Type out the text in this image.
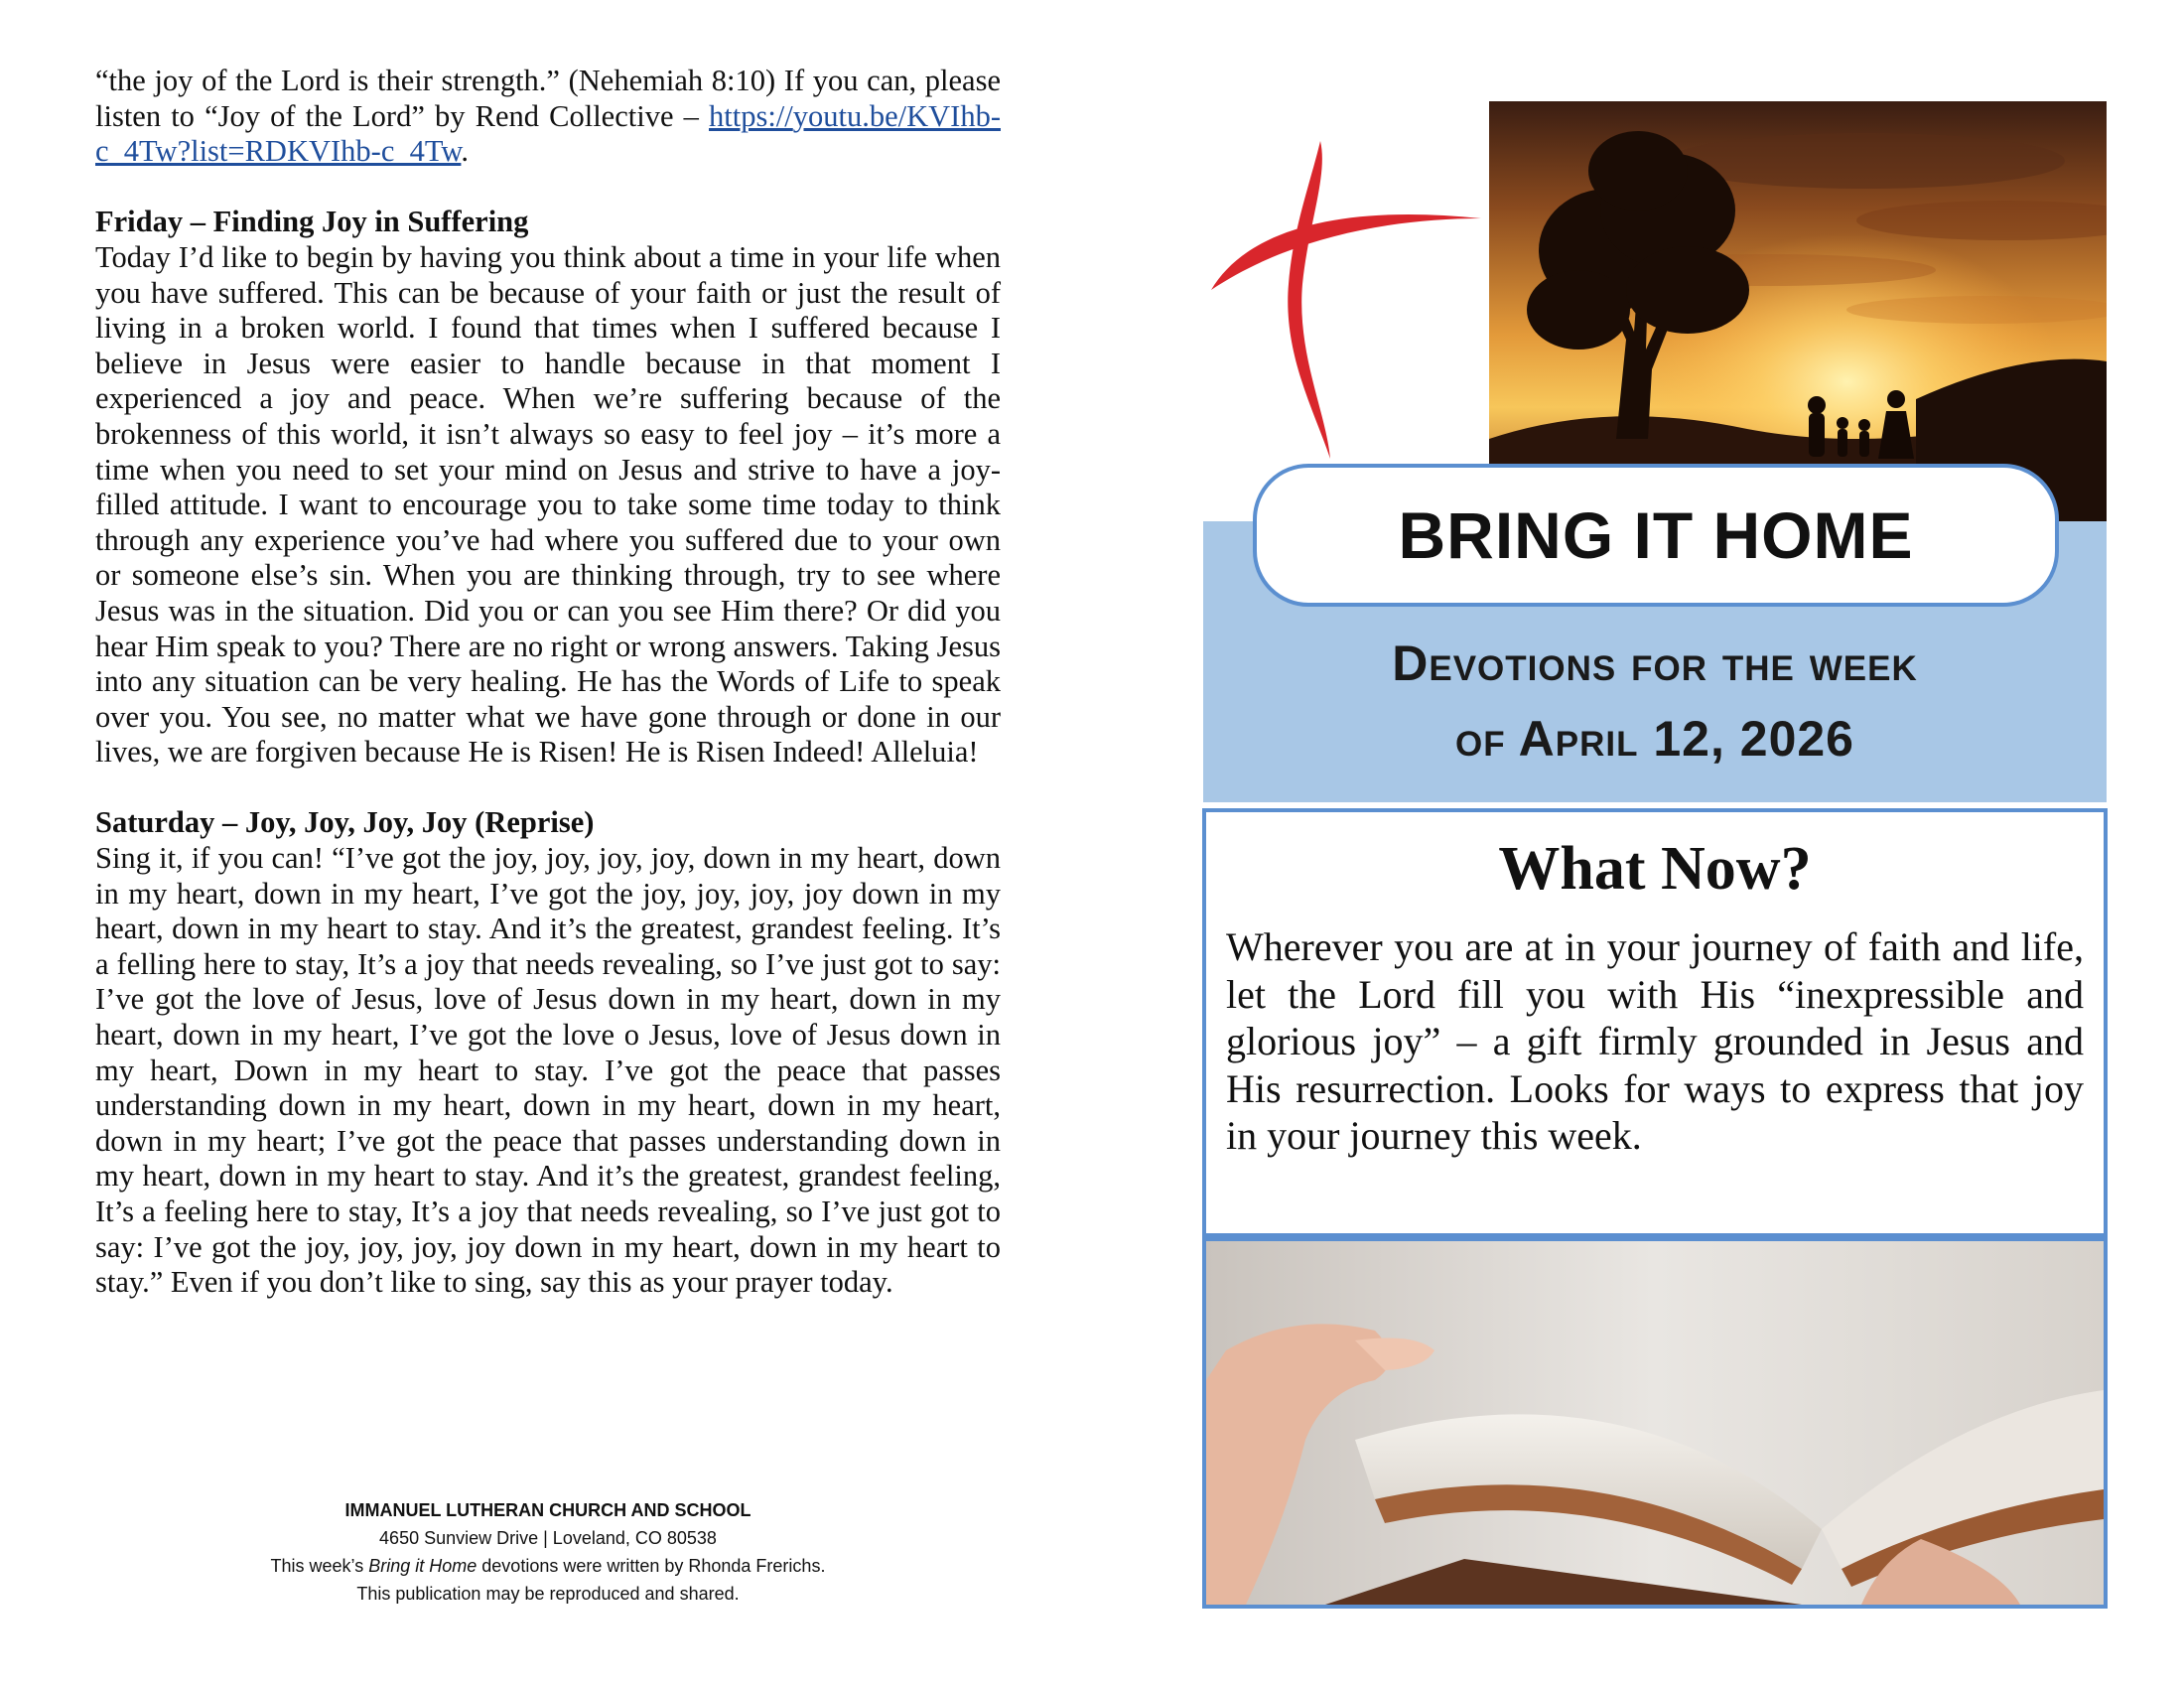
“the joy of the Lord is their strength.” (Nehemiah 8:10) If you can, please listen to “Joy of the Lord” by Rend Collective – https://youtu.be/KVIhb-c_4Tw?list=RDKVIhb-c_4Tw.

Friday – Finding Joy in Suffering

Today I’d like to begin by having you think about a time in your life when you have suffered. This can be because of your faith or just the result of living in a broken world. I found that times when I suffered because I believe in Jesus were easier to handle because in that moment I experienced a joy and peace. When we’re suffering because of the brokenness of this world, it isn’t always so easy to feel joy – it’s more a time when you need to set your mind on Jesus and strive to have a joy-filled attitude. I want to encourage you to take some time today to think through any experience you’ve had where you suffered due to your own or someone else’s sin. When you are thinking through, try to see where Jesus was in the situation. Did you or can you see Him there? Or did you hear Him speak to you? There are no right or wrong answers. Taking Jesus into any situation can be very healing. He has the Words of Life to speak over you. You see, no matter what we have gone through or done in our lives, we are forgiven because He is Risen! He is Risen Indeed! Alleluia!

Saturday – Joy, Joy, Joy, Joy (Reprise)

Sing it, if you can! “I’ve got the joy, joy, joy, joy, down in my heart, down in my heart, down in my heart, I’ve got the joy, joy, joy, joy down in my heart, down in my heart to stay. And it’s the greatest, grandest feeling. It’s a felling here to stay, It’s a joy that needs revealing, so I’ve just got to say: I’ve got the love of Jesus, love of Jesus down in my heart, down in my heart, down in my heart, I’ve got the love o Jesus, love of Jesus down in my heart, Down in my heart to stay. I’ve got the peace that passes understanding down in my heart, down in my heart, down in my heart, down in my heart; I’ve got the peace that passes understanding down in my heart, down in my heart to stay. And it’s the greatest, grandest feeling, It’s a feeling here to stay, It’s a joy that needs revealing, so I’ve just got to say: I’ve got the joy, joy, joy, joy down in my heart, down in my heart to stay.” Even if you don’t like to sing, say this as your prayer today.

IMMANUEL LUTHERAN CHURCH AND SCHOOL
4650 Sunview Drive | Loveland, CO 80538
This week’s Bring it Home devotions were written by Rhonda Frerichs.
This publication may be reproduced and shared.
BRING IT HOME
Devotions for the week
of April 12, 2026
What Now?
Wherever you are at in your journey of faith and life, let the Lord fill you with His “inexpressible and glorious joy” – a gift firmly grounded in Jesus and His resurrection. Looks for ways to express that joy in your journey this week.
